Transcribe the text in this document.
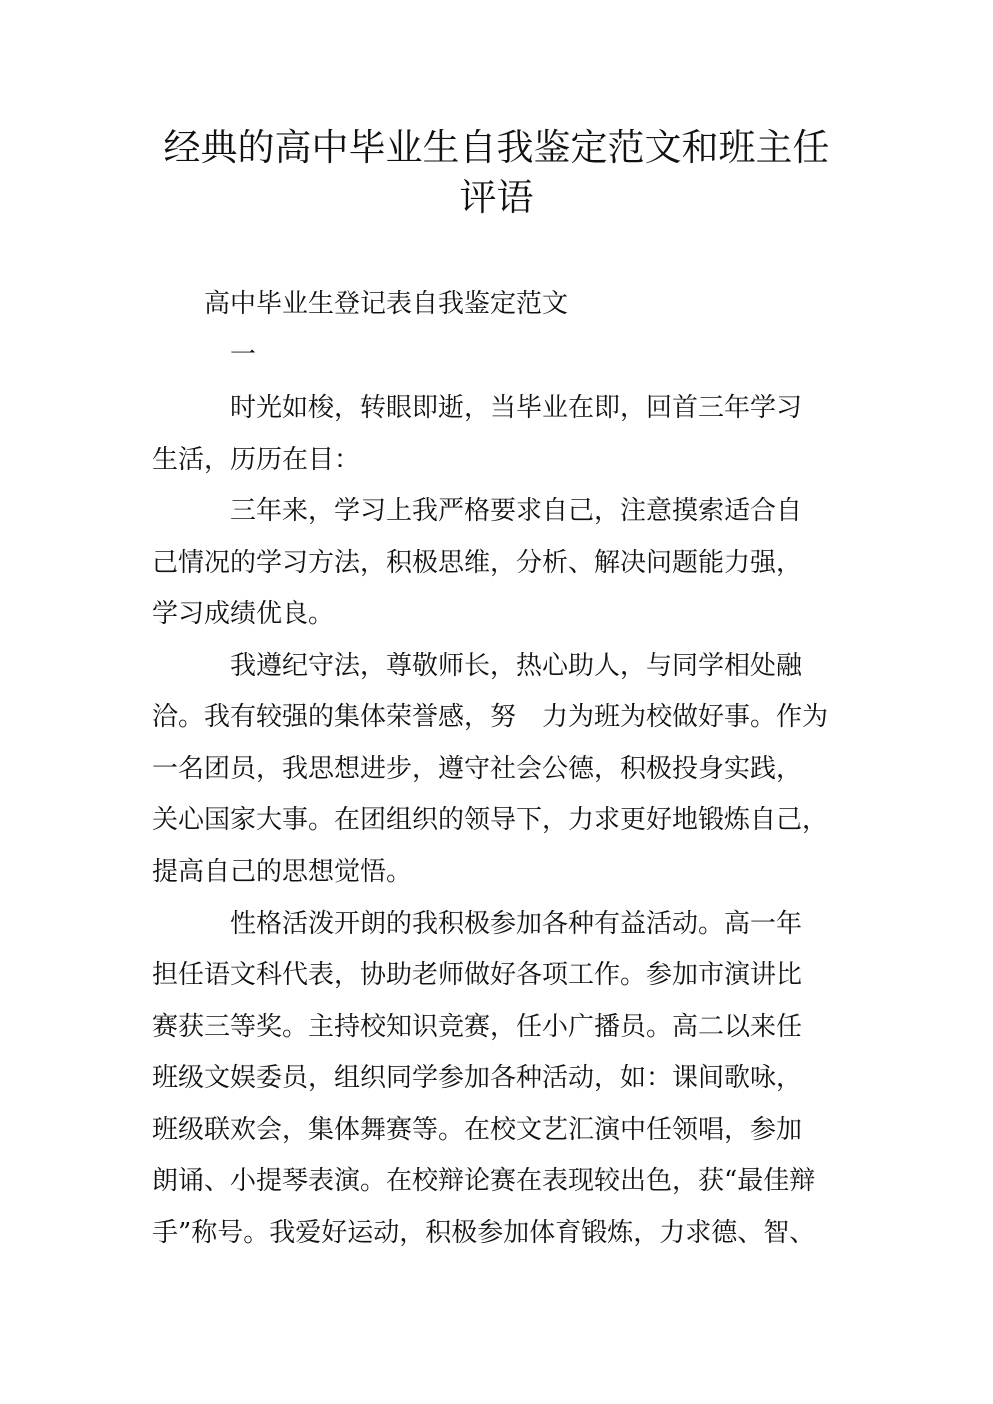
经典的高中毕业生自我鉴定范文和班主任
评语
高中毕业生登记表自我鉴定范文
一
时光如梭，转眼即逝，当毕业在即，回首三年学习
生活，历历在目：
三年来，学习上我严格要求自己，注意摸索适合自
己情况的学习方法，积极思维，分析、解决问题能力强，
学习成绩优良。
我遵纪守法，尊敬师长，热心助人，与同学相处融
洽。我有较强的集体荣誉感，努　力为班为校做好事。作为
一名团员，我思想进步，遵守社会公德，积极投身实践，
关心国家大事。在团组织的领导下，力求更好地锻炼自己，
提高自己的思想觉悟。
性格活泼开朗的我积极参加各种有益活动。高一年
担任语文科代表，协助老师做好各项工作。参加市演讲比
赛获三等奖。主持校知识竞赛，任小广播员。高二以来任
班级文娱委员，组织同学参加各种活动，如：课间歌咏，
班级联欢会，集体舞赛等。在校文艺汇演中任领唱，参加
朗诵、小提琴表演。在校辩论赛在表现较出色，获“最佳辩
手”称号。我爱好运动，积极参加体育锻炼，力求德、智、
